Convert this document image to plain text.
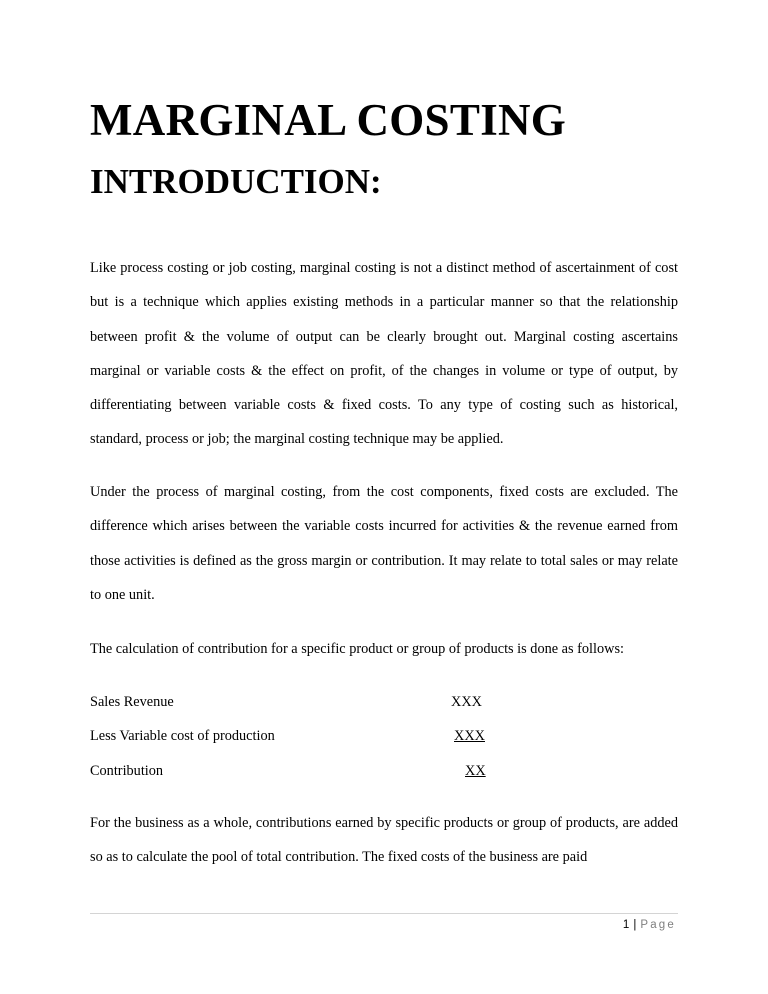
MARGINAL COSTING
INTRODUCTION:

Like process costing or job costing, marginal costing is not a distinct method of ascertainment of cost but is a technique which applies existing methods in a particular manner so that the relationship between profit & the volume of output can be clearly brought out. Marginal costing ascertains marginal or variable costs & the effect on profit, of the changes in volume or type of output, by differentiating between variable costs & fixed costs. To any type of costing such as historical, standard, process or job; the marginal costing technique may be applied.

Under the process of marginal costing, from the cost components, fixed costs are excluded. The difference which arises between the variable costs incurred for activities & the revenue earned from those activities is defined as the gross margin or contribution. It may relate to total sales or may relate to one unit.

The calculation of contribution for a specific product or group of products is done as follows:

Sales Revenue	XXX
Less Variable cost of production	XXX
Contribution	XX

For the business as a whole, contributions earned by specific products or group of products, are added so as to calculate the pool of total contribution. The fixed costs of the business are paid

1 | Page
